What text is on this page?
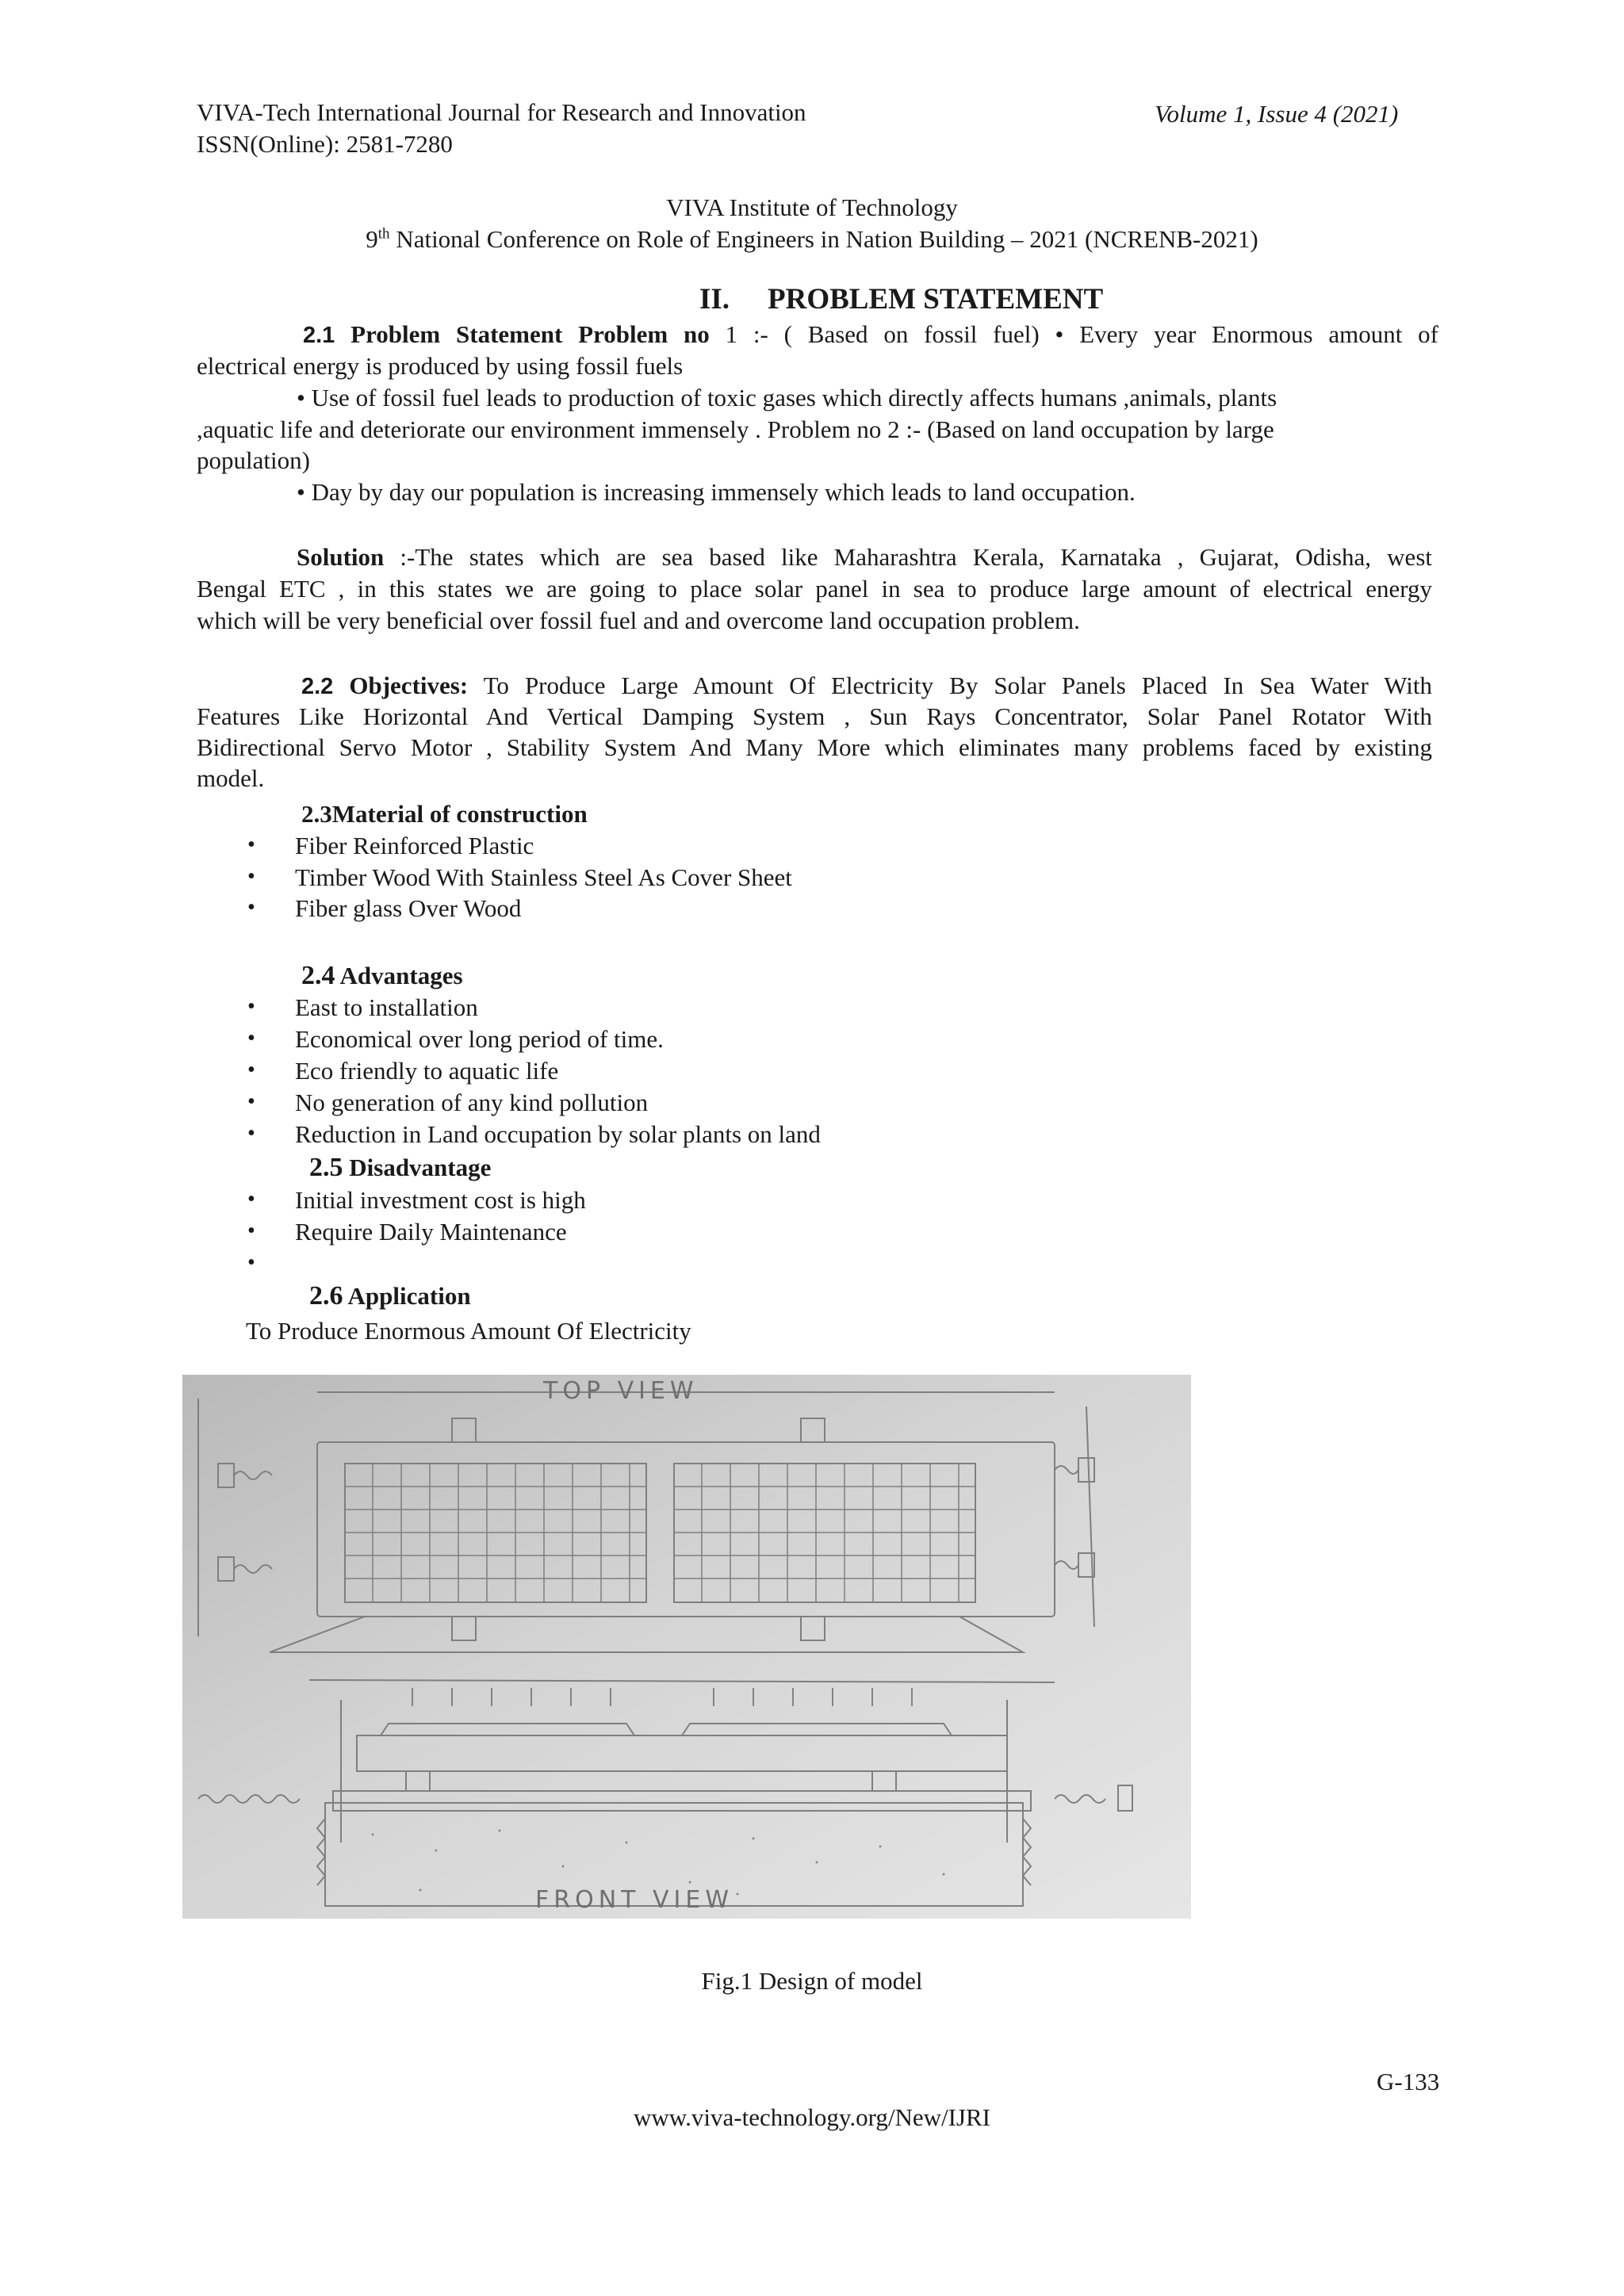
VIVA-Tech International Journal for Research and Innovation
ISSN(Online): 2581-7280
Volume 1, Issue 4 (2021)
VIVA Institute of Technology
9th National Conference on Role of Engineers in Nation Building – 2021 (NCRENB-2021)
II. PROBLEM STATEMENT
2.1 Problem Statement Problem no 1 :- ( Based on fossil fuel) • Every year Enormous amount of
electrical energy is produced by using fossil fuels
• Use of fossil fuel leads to production of toxic gases which directly affects humans ,animals, plants
,aquatic life and deteriorate our environment immensely . Problem no 2 :- (Based on land occupation by large
population)
• Day by day our population is increasing immensely which leads to land occupation.
Solution :-The states which are sea based like Maharashtra Kerala, Karnataka , Gujarat, Odisha, west
Bengal ETC , in this states we are going to place solar panel in sea to produce large amount of electrical energy
which will be very beneficial over fossil fuel and and overcome land occupation problem.
2.2 Objectives: To Produce Large Amount Of Electricity By Solar Panels Placed In Sea Water With
Features Like Horizontal And Vertical Damping System , Sun Rays Concentrator, Solar Panel Rotator With
Bidirectional Servo Motor , Stability System And Many More which eliminates many problems faced by existing
model.
2.3Material of construction
• Fiber Reinforced Plastic
• Timber Wood With Stainless Steel As Cover Sheet
• Fiber glass Over Wood
2.4 Advantages
• East to installation
• Economical over long period of time.
• Eco friendly to aquatic life
• No generation of any kind pollution
• Reduction in Land occupation by solar plants on land
2.5 Disadvantage
• Initial investment cost is high
• Require Daily Maintenance
•
2.6 Application
To Produce Enormous Amount Of Electricity
TOP VIEW
FRONT VIEW
Fig.1 Design of model
G-133
www.viva-technology.org/New/IJRI
